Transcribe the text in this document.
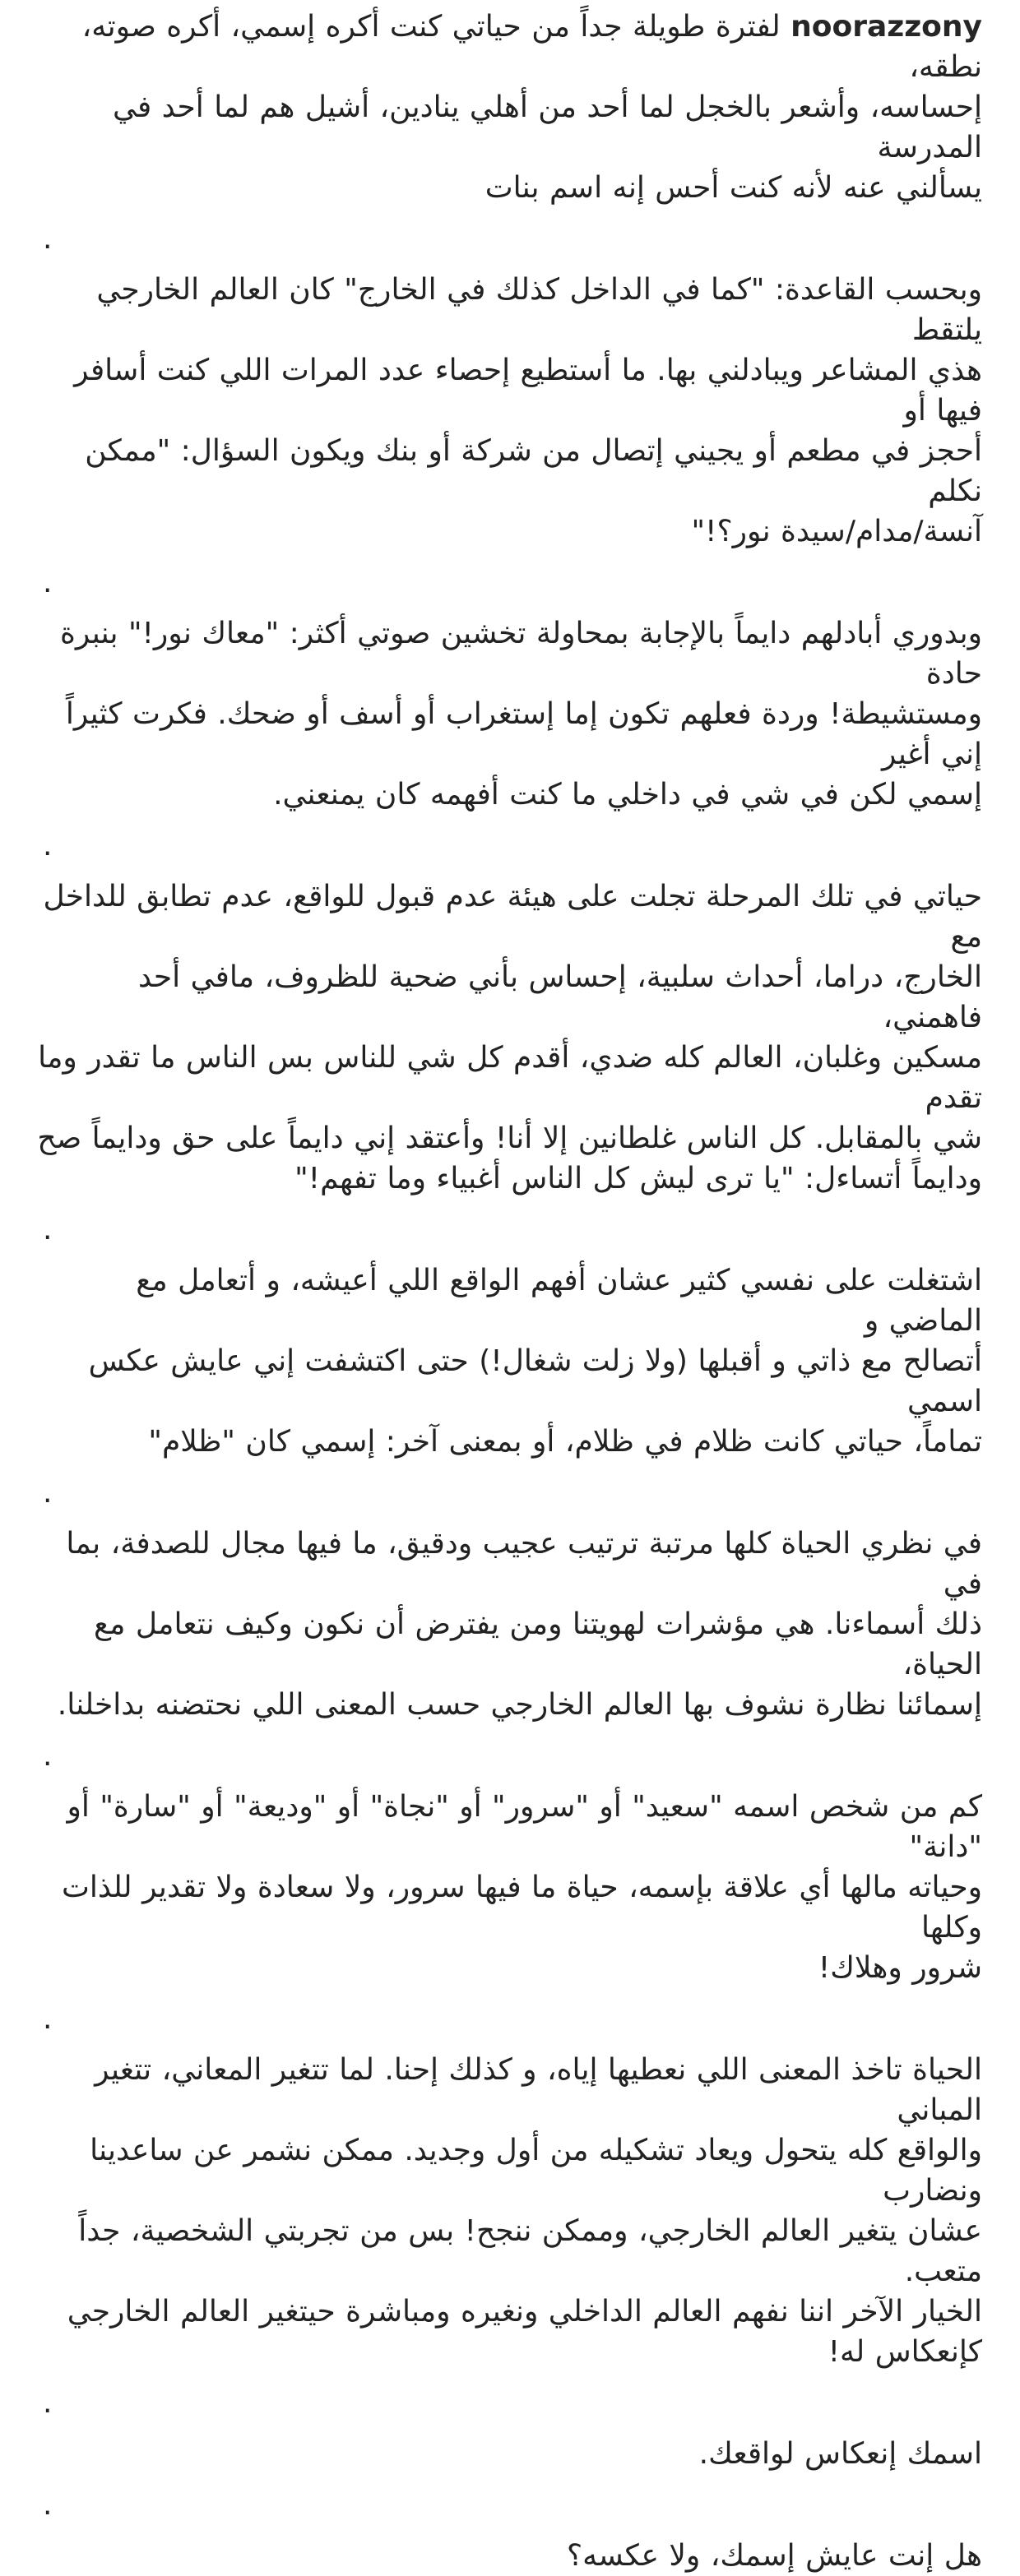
noorazzony لفترة طويلة جداً من حياتي كنت أكره إسمي، أكره صوته، نطقه،
إحساسه، وأشعر بالخجل لما أحد من أهلي ينادين، أشيل هم لما أحد في المدرسة
يسألني عنه لأنه كنت أحس إنه اسم بنات

.

وبحسب القاعدة: "كما في الداخل كذلك في الخارج" كان العالم الخارجي يلتقط
هذي المشاعر ويبادلني بها. ما أستطيع إحصاء عدد المرات اللي كنت أسافر فيها أو
أحجز في مطعم أو يجيني إتصال من شركة أو بنك ويكون السؤال: "ممكن نكلم
آنسة/مدام/سيدة نور؟!"

.

وبدوري أبادلهم دايماً بالإجابة بمحاولة تخشين صوتي أكثر: "معاك نور!" بنبرة حادة
ومستشيطة! وردة فعلهم تكون إما إستغراب أو أسف أو ضحك. فكرت كثيراً إني أغير
إسمي لكن في شي في داخلي ما كنت أفهمه كان يمنعني.

.

حياتي في تلك المرحلة تجلت على هيئة عدم قبول للواقع، عدم تطابق للداخل مع
الخارج، دراما، أحداث سلبية، إحساس بأني ضحية للظروف، مافي أحد فاهمني،
مسكين وغلبان، العالم كله ضدي، أقدم كل شي للناس بس الناس ما تقدر وما تقدم
شي بالمقابل. كل الناس غلطانين إلا أنا! وأعتقد إني دايماً على حق ودايماً صح
ودايماً أتساءل: "يا ترى ليش كل الناس أغبياء وما تفهم!"

.

اشتغلت على نفسي كثير عشان أفهم الواقع اللي أعيشه، و أتعامل مع الماضي و
أتصالح مع ذاتي و أقبلها (ولا زلت شغال!) حتى اكتشفت إني عايش عكس اسمي
تماماً، حياتي كانت ظلام في ظلام، أو بمعنى آخر: إسمي كان "ظلام"

.

في نظري الحياة كلها مرتبة ترتيب عجيب ودقيق، ما فيها مجال للصدفة، بما في
ذلك أسماءنا. هي مؤشرات لهويتنا ومن يفترض أن نكون وكيف نتعامل مع الحياة،
إسمائنا نظارة نشوف بها العالم الخارجي حسب المعنى اللي نحتضنه بداخلنا.

.

كم من شخص اسمه "سعيد" أو "سرور" أو "نجاة" أو "وديعة" أو "سارة" أو "دانة"
وحياته مالها أي علاقة بإسمه، حياة ما فيها سرور، ولا سعادة ولا تقدير للذات وكلها
شرور وهلاك!

.

الحياة تاخذ المعنى اللي نعطيها إياه، و كذلك إحنا. لما تتغير المعاني، تتغير المباني
والواقع كله يتحول ويعاد تشكيله من أول وجديد. ممكن نشمر عن ساعدينا ونضارب
عشان يتغير العالم الخارجي، وممكن ننجح! بس من تجربتي الشخصية، جداً متعب.
الخيار الآخر اننا نفهم العالم الداخلي ونغيره ومباشرة حيتغير العالم الخارجي
كإنعكاس له!

.

اسمك إنعكاس لواقعك.

.

هل إنت عايش إسمك، ولا عكسه؟
